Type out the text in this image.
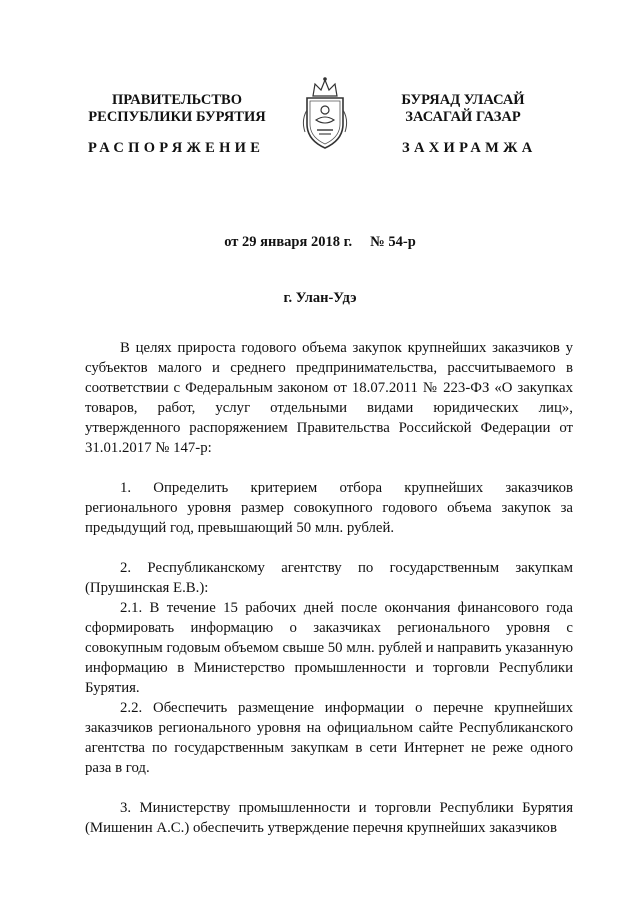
ПРАВИТЕЛЬСТВО
РЕСПУБЛИКИ БУРЯТИЯ
БУРЯАД УЛАСАЙ
ЗАСАГАЙ ГАЗАР
РАСПОРЯЖЕНИЕ	ЗАХИРАМЖА
от 29 января 2018 г. № 54-р
г. Улан-Удэ

В целях прироста годового объема закупок крупнейших заказчиков у субъектов малого и среднего предпринимательства, рассчитываемого в соответствии с Федеральным законом от 18.07.2011 № 223-ФЗ «О закупках товаров, работ, услуг отдельными видами юридических лиц», утвержденного распоряжением Правительства Российской Федерации от 31.01.2017 № 147-р:

1. Определить критерием отбора крупнейших заказчиков регионального уровня размер совокупного годового объема закупок за предыдущий год, превышающий 50 млн. рублей.

2. Республиканскому агентству по государственным закупкам (Прушинская Е.В.):

2.1. В течение 15 рабочих дней после окончания финансового года сформировать информацию о заказчиках регионального уровня с совокупным годовым объемом свыше 50 млн. рублей и направить указанную информацию в Министерство промышленности и торговли Республики Бурятия.

2.2. Обеспечить размещение информации о перечне крупнейших заказчиков регионального уровня на официальном сайте Республиканского агентства по государственным закупкам в сети Интернет не реже одного раза в год.

3. Министерству промышленности и торговли Республики Бурятия (Мишенин А.С.) обеспечить утверждение перечня крупнейших заказчиков
